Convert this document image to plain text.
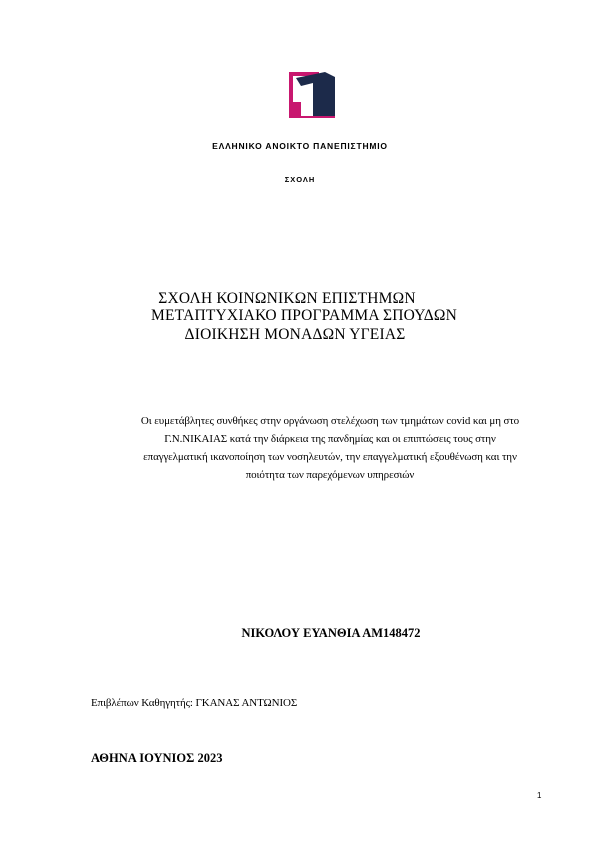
ΕΛΛΗΝΙΚΟ ΑΝΟΙΚΤΟ ΠΑΝΕΠΙΣΤΗΜΙΟ
ΣΧΟΛΗ
ΣΧΟΛΗ ΚΟΙΝΩΝΙΚΩΝ ΕΠΙΣΤΗΜΩΝ
ΜΕΤΑΠΤΥΧΙΑΚΟ ΠΡΟΓΡΑΜΜΑ ΣΠΟΥΔΩΝ
ΔΙΟΙΚΗΣΗ ΜΟΝΑΔΩΝ ΥΓΕΙΑΣ
Οι ευμετάβλητες συνθήκες στην οργάνωση στελέχωση των τμημάτων covid και μη στο
Γ.Ν.ΝΙΚΑΙΑΣ κατά την διάρκεια της πανδημίας και οι επιπτώσεις τους στην
επαγγελματική ικανοποίηση των νοσηλευτών, την επαγγελματική εξουθένωση και την
ποιότητα των παρεχόμενων υπηρεσιών
ΝΙΚΟΛΟΥ ΕΥΑΝΘΙΑ ΑΜ148472
Επιβλέπων Καθηγητής: ΓΚΑΝΑΣ ΑΝΤΩΝΙΟΣ
ΑΘΗΝΑ ΙΟΥΝΙΟΣ 2023
1
